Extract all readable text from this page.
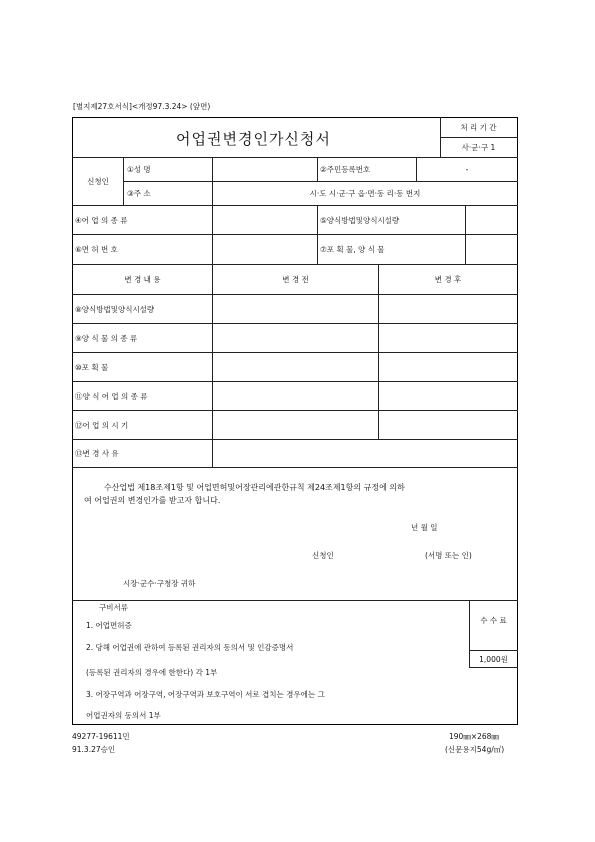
[별지제27호서식]<개정97.3.24> (앞면)
어업권변경인가신청서
처 리 기 간
사·군·구 1
신청인
①성 명	②주민등록번호	-
③주 소	시·도 시·군·구 읍·면·동 리·동 번지
④어 업 의 종 류	⑤양식방법및양식시설량
⑥면 허 번 호	⑦포 획 물, 양 식 물
변 경 내 용	변 경 전	변 경 후
⑧양식방법및양식시설량
⑨양 식 물 의 종 류
⑩포 획 물
⑪양 식 어 업 의 종 류
⑫어 업 의 시 기
⑬변 경 사 유
수산업법 제18조제1항 및 어업면허및어장관리에관한규칙 제24조제1항의 규정에 의하
여 어업권의 변경인가를 받고자 합니다.
년 월 일
신청인	(서명 또는 인)
시장·군수·구청장 귀하
구비서류
1. 어업면허증
2. 당해 어업권에 관하여 등록된 권리자의 동의서 및 인감증명서
(등록된 권리자의 경우에 한한다) 각 1부
3. 어장구역과 어장구역, 어장구역과 보호구역이 서로 겹치는 경우에는 그
어업권자의 동의서 1부
수 수 료
1,000원
49277-19611민
91.3.27승인
190㎜×268㎜
(신문용지54g/㎡)
